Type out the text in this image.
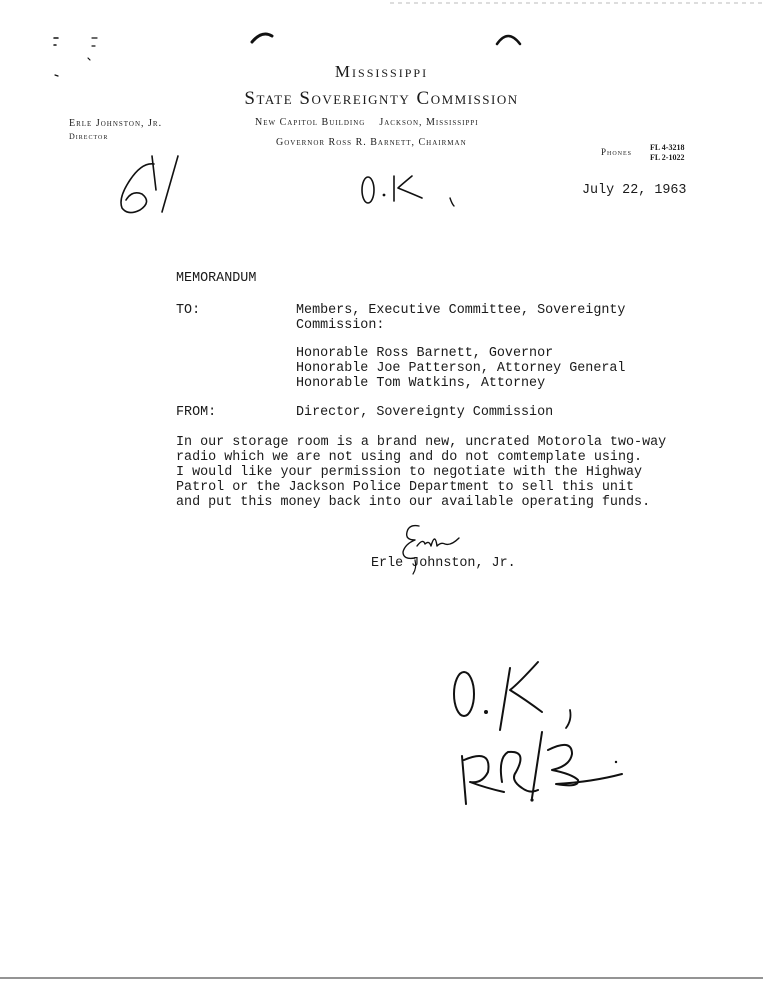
Mississippi
State Sovereignty Commission
New Capitol Building    Jackson, Mississippi
Governor Ross R. Barnett, Chairman
Erle Johnston, Jr.
Director
Phones FL 4-3218
FL 2-1022
July 22, 1963
MEMORANDUM
TO:	Members, Executive Committee, Sovereignty
Commission:
Honorable Ross Barnett, Governor
Honorable Joe Patterson, Attorney General
Honorable Tom Watkins, Attorney
FROM:	Director, Sovereignty Commission
In our storage room is a brand new, uncrated Motorola two-way
radio which we are not using and do not comtemplate using.
I would like your permission to negotiate with the Highway
Patrol or the Jackson Police Department to sell this unit
and put this money back into our available operating funds.
Erle Johnston, Jr.
